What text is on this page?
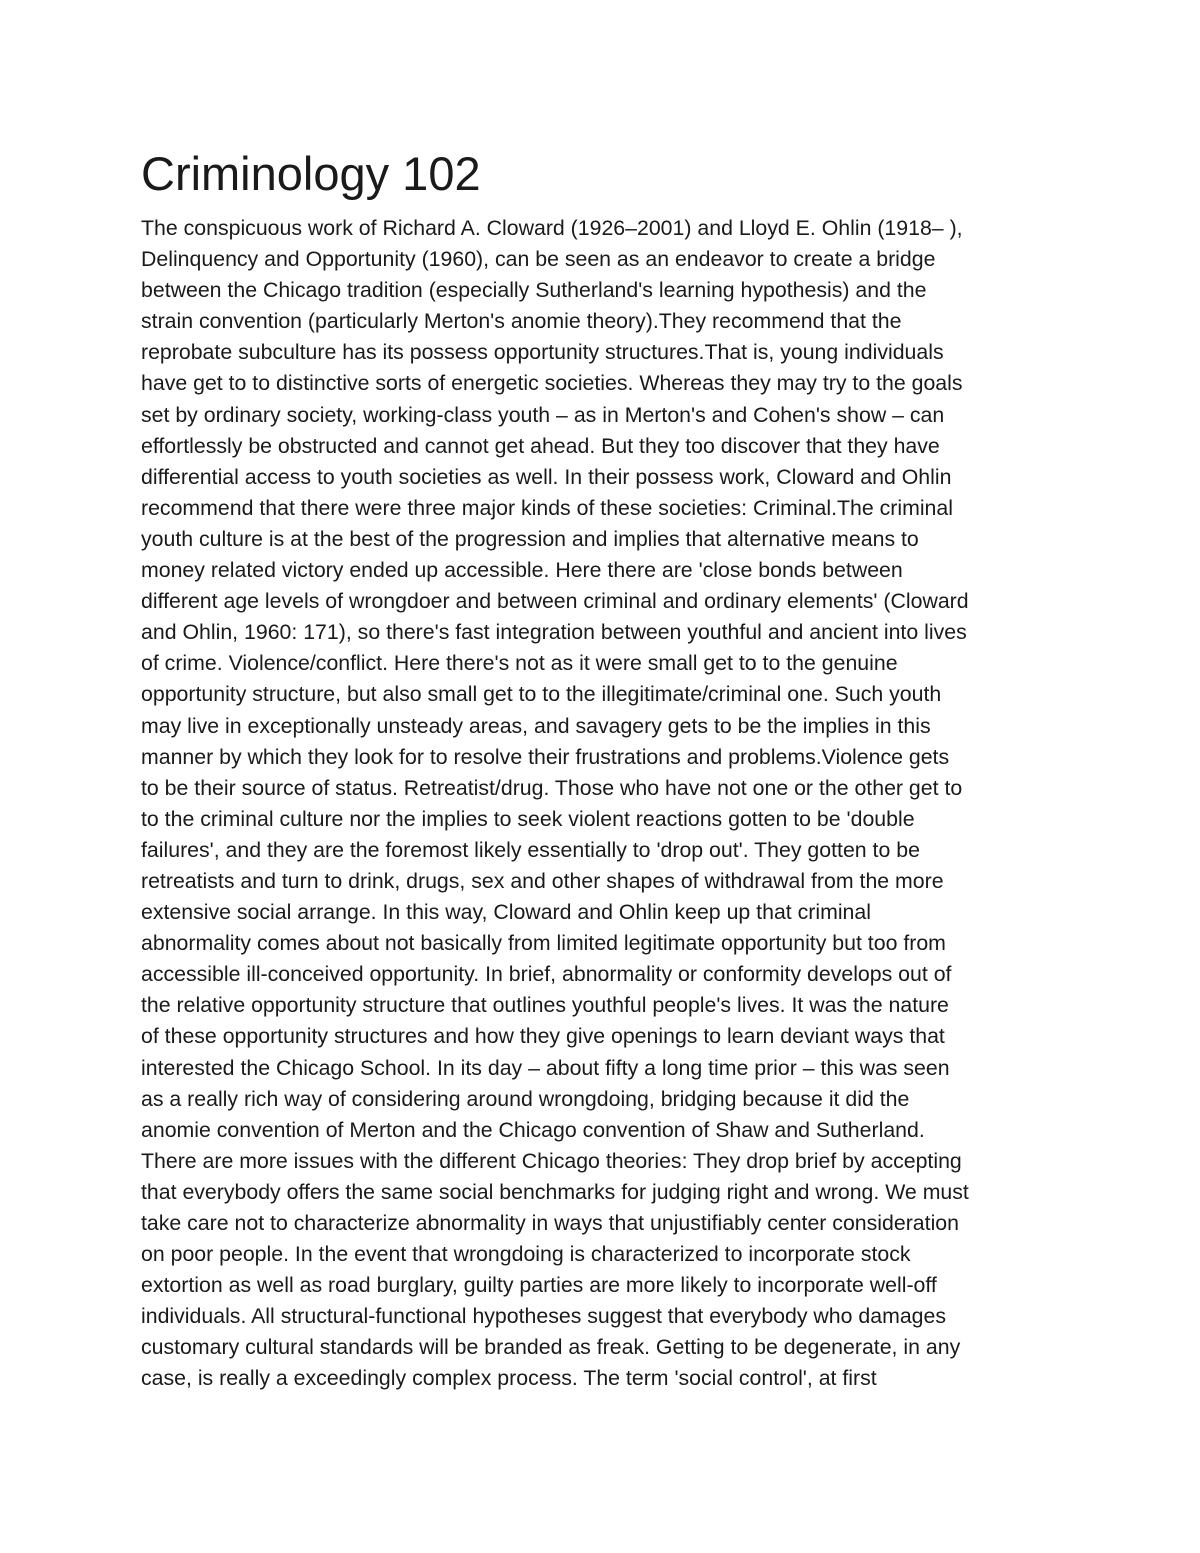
Criminology 102
The conspicuous work of Richard A. Cloward (1926–2001) and Lloyd E. Ohlin (1918– ),
Delinquency and Opportunity (1960), can be seen as an endeavor to create a bridge
between the Chicago tradition (especially Sutherland's learning hypothesis) and the
strain convention (particularly Merton's anomie theory).They recommend that the
reprobate subculture has its possess opportunity structures.That is, young individuals
have get to to distinctive sorts of energetic societies. Whereas they may try to the goals
set by ordinary society, working-class youth – as in Merton's and Cohen's show – can
effortlessly be obstructed and cannot get ahead. But they too discover that they have
differential access to youth societies as well. In their possess work, Cloward and Ohlin
recommend that there were three major kinds of these societies: Criminal.The criminal
youth culture is at the best of the progression and implies that alternative means to
money related victory ended up accessible. Here there are 'close bonds between
different age levels of wrongdoer and between criminal and ordinary elements' (Cloward
and Ohlin, 1960: 171), so there's fast integration between youthful and ancient into lives
of crime. Violence/conflict. Here there's not as it were small get to to the genuine
opportunity structure, but also small get to to the illegitimate/criminal one. Such youth
may live in exceptionally unsteady areas, and savagery gets to be the implies in this
manner by which they look for to resolve their frustrations and problems.Violence gets
to be their source of status. Retreatist/drug. Those who have not one or the other get to
to the criminal culture nor the implies to seek violent reactions gotten to be 'double
failures', and they are the foremost likely essentially to 'drop out'. They gotten to be
retreatists and turn to drink, drugs, sex and other shapes of withdrawal from the more
extensive social arrange. In this way, Cloward and Ohlin keep up that criminal
abnormality comes about not basically from limited legitimate opportunity but too from
accessible ill-conceived opportunity. In brief, abnormality or conformity develops out of
the relative opportunity structure that outlines youthful people's lives. It was the nature
of these opportunity structures and how they give openings to learn deviant ways that
interested the Chicago School. In its day – about fifty a long time prior – this was seen
as a really rich way of considering around wrongdoing, bridging because it did the
anomie convention of Merton and the Chicago convention of Shaw and Sutherland.
There are more issues with the different Chicago theories: They drop brief by accepting
that everybody offers the same social benchmarks for judging right and wrong. We must
take care not to characterize abnormality in ways that unjustifiably center consideration
on poor people. In the event that wrongdoing is characterized to incorporate stock
extortion as well as road burglary, guilty parties are more likely to incorporate well-off
individuals. All structural-functional hypotheses suggest that everybody who damages
customary cultural standards will be branded as freak. Getting to be degenerate, in any
case, is really a exceedingly complex process. The term 'social control', at first
